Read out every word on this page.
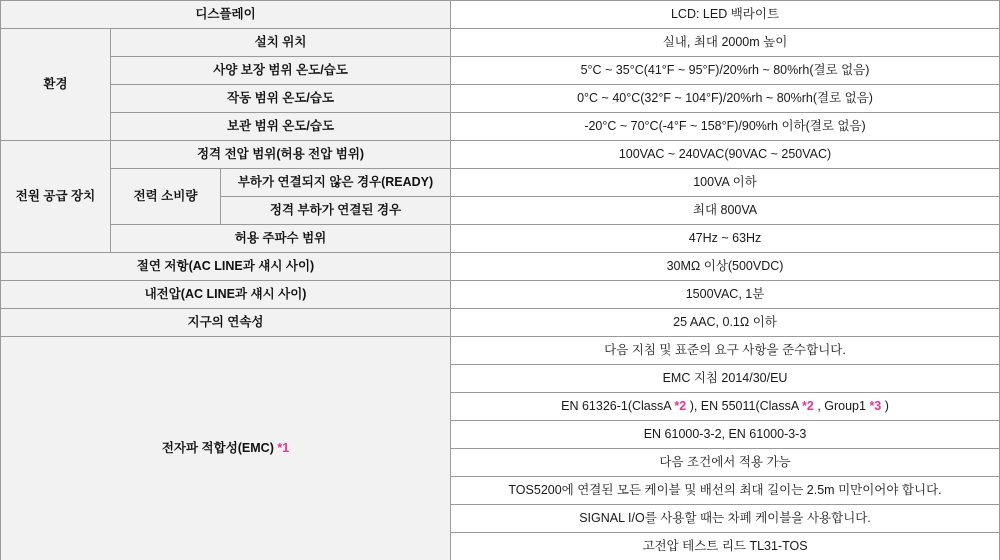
디스플레이			LCD: LED 백라이트
환경	설치 위치		실내, 최대 2000m 높이
	사양 보장 범위 온도/습도		5°C ~ 35°C(41°F ~ 95°F)/20%rh ~ 80%rh(결로 없음)
	작동 범위 온도/습도		0°C ~ 40°C(32°F ~ 104°F)/20%rh ~ 80%rh(결로 없음)
	보관 범위 온도/습도		-20°C ~ 70°C(-4°F ~ 158°F)/90%rh 이하(결로 없음)
전원 공급 장치	정격 전압 범위(허용 전압 범위)		100VAC ~ 240VAC(90VAC ~ 250VAC)
	전력 소비량	부하가 연결되지 않은 경우(READY)	100VA 이하
		정격 부하가 연결된 경우	최대 800VA
	허용 주파수 범위		47Hz ~ 63Hz
절연 저항(AC LINE과 섀시 사이)			30MΩ 이상(500VDC)
내전압(AC LINE과 섀시 사이)			1500VAC, 1분
지구의 연속성			25 AAC, 0.1Ω 이하
전자파 적합성(EMC) *1			다음 지침 및 표준의 요구 사항을 준수합니다.
			EMC 지침 2014/30/EU
			EN 61326-1(ClassA *2 ), EN 55011(ClassA *2 , Group1 *3 )
			EN 61000-3-2, EN 61000-3-3
			다음 조건에서 적용 가능
			TOS5200에 연결된 모든 케이블 및 배선의 최대 길이는 2.5m 미만이어야 합니다.
			SIGNAL I/O를 사용할 때는 차폐 케이블을 사용합니다.
			고전압 테스트 리드 TL31-TOS
